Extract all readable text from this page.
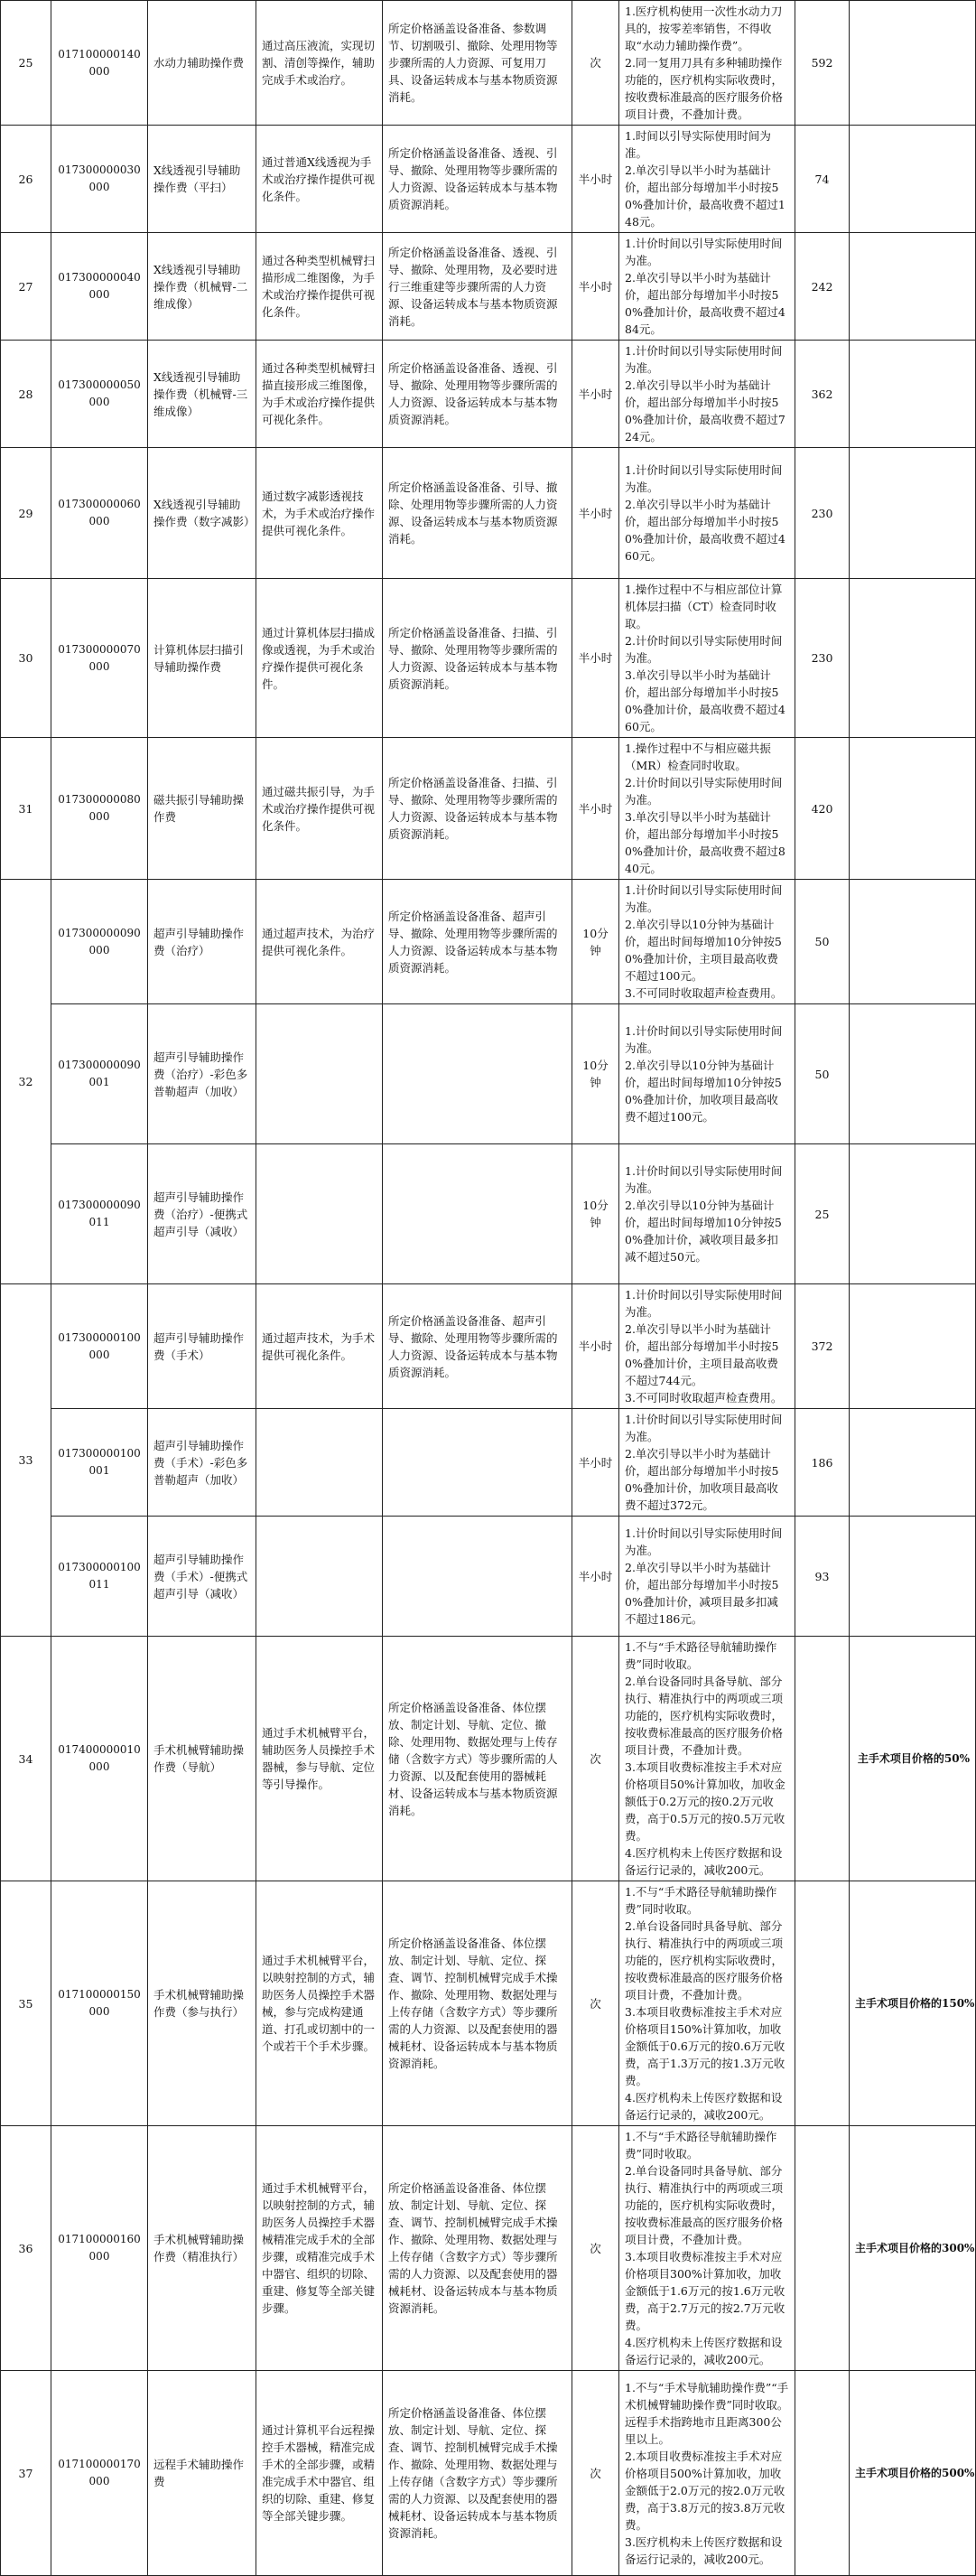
25	017100000140000	水动力辅助操作费	通过高压液流，实现切割、清创等操作，辅助完成手术或治疗。	所定价格涵盖设备准备、参数调节、切割吸引、撤除、处理用物等步骤所需的人力资源、可复用刀具、设备运转成本与基本物质资源消耗。	次	1.医疗机构使用一次性水动力刀具的，按零差率销售，不得收取“水动力辅助操作费”。
2.同一复用刀具有多种辅助操作功能的，医疗机构实际收费时，按收费标准最高的医疗服务价格项目计费，不叠加计费。	592	
26	017300000030000	X线透视引导辅助操作费（平扫）	通过普通X线透视为手术或治疗操作提供可视化条件。	所定价格涵盖设备准备、透视、引导、撤除、处理用物等步骤所需的人力资源、设备运转成本与基本物质资源消耗。	半小时	1.时间以引导实际使用时间为准。
2.单次引导以半小时为基础计价，超出部分每增加半小时按50%叠加计价，最高收费不超过148元。	74	
27	017300000040000	X线透视引导辅助操作费（机械臂-二维成像）	通过各种类型机械臂扫描形成二维图像，为手术或治疗操作提供可视化条件。	所定价格涵盖设备准备、透视、引导、撤除、处理用物，及必要时进行三维重建等步骤所需的人力资源、设备运转成本与基本物质资源消耗。	半小时	1.计价时间以引导实际使用时间为准。
2.单次引导以半小时为基础计价，超出部分每增加半小时按50%叠加计价，最高收费不超过484元。	242	
28	017300000050000	X线透视引导辅助操作费（机械臂-三维成像）	通过各种类型机械臂扫描直接形成三维图像，为手术或治疗操作提供可视化条件。	所定价格涵盖设备准备、透视、引导、撤除、处理用物等步骤所需的人力资源、设备运转成本与基本物质资源消耗。	半小时	1.计价时间以引导实际使用时间为准。
2.单次引导以半小时为基础计价，超出部分每增加半小时按50%叠加计价，最高收费不超过724元。	362	
29	017300000060000	X线透视引导辅助操作费（数字减影）	通过数字减影透视技术，为手术或治疗操作提供可视化条件。	所定价格涵盖设备准备、引导、撤除、处理用物等步骤所需的人力资源、设备运转成本与基本物质资源消耗。	半小时	1.计价时间以引导实际使用时间为准。
2.单次引导以半小时为基础计价，超出部分每增加半小时按50%叠加计价，最高收费不超过460元。	230	
30	017300000070000	计算机体层扫描引导辅助操作费	通过计算机体层扫描成像或透视，为手术或治疗操作提供可视化条件。	所定价格涵盖设备准备、扫描、引导、撤除、处理用物等步骤所需的人力资源、设备运转成本与基本物质资源消耗。	半小时	1.操作过程中不与相应部位计算机体层扫描（CT）检查同时收取。
2.计价时间以引导实际使用时间为准。
3.单次引导以半小时为基础计价，超出部分每增加半小时按50%叠加计价，最高收费不超过460元。	230	
31	017300000080000	磁共振引导辅助操作费	通过磁共振引导，为手术或治疗操作提供可视化条件。	所定价格涵盖设备准备、扫描、引导、撤除、处理用物等步骤所需的人力资源、设备运转成本与基本物质资源消耗。	半小时	1.操作过程中不与相应磁共振（MR）检查同时收取。
2.计价时间以引导实际使用时间为准。
3.单次引导以半小时为基础计价，超出部分每增加半小时按50%叠加计价，最高收费不超过840元。	420	
32	017300000090000	超声引导辅助操作费（治疗）	通过超声技术，为治疗提供可视化条件。	所定价格涵盖设备准备、超声引导、撤除、处理用物等步骤所需的人力资源、设备运转成本与基本物质资源消耗。	10分钟	1.计价时间以引导实际使用时间为准。
2.单次引导以10分钟为基础计价，超出时间每增加10分钟按50%叠加计价，主项目最高收费不超过100元。
3.不可同时收取超声检查费用。	50	
	017300000090001	超声引导辅助操作费（治疗）-彩色多普勒超声（加收）			10分钟	1.计价时间以引导实际使用时间为准。
2.单次引导以10分钟为基础计价，超出时间每增加10分钟按50%叠加计价，加收项目最高收费不超过100元。	50	
	017300000090011	超声引导辅助操作费（治疗）-便携式超声引导（减收）			10分钟	1.计价时间以引导实际使用时间为准。
2.单次引导以10分钟为基础计价，超出时间每增加10分钟按50%叠加计价，减收项目最多扣减不超过50元。	25	
33	017300000100000	超声引导辅助操作费（手术）	通过超声技术，为手术提供可视化条件。	所定价格涵盖设备准备、超声引导、撤除、处理用物等步骤所需的人力资源、设备运转成本与基本物质资源消耗。	半小时	1.计价时间以引导实际使用时间为准。
2.单次引导以半小时为基础计价，超出部分每增加半小时按50%叠加计价，主项目最高收费不超过744元。
3.不可同时收取超声检查费用。	372	
	017300000100001	超声引导辅助操作费（手术）-彩色多普勒超声（加收）			半小时	1.计价时间以引导实际使用时间为准。
2.单次引导以半小时为基础计价，超出部分每增加半小时按50%叠加计价，加收项目最高收费不超过372元。	186	
	017300000100011	超声引导辅助操作费（手术）-便携式超声引导（减收）			半小时	1.计价时间以引导实际使用时间为准。
2.单次引导以半小时为基础计价，超出部分每增加半小时按50%叠加计价，减项目最多扣减不超过186元。	93	
34	017400000010000	手术机械臂辅助操作费（导航）	通过手术机械臂平台，辅助医务人员操控手术器械，参与导航、定位等引导操作。	所定价格涵盖设备准备、体位摆放、制定计划、导航、定位、撤除、处理用物、数据处理与上传存储（含数字方式）等步骤所需的人力资源、以及配套使用的器械耗材、设备运转成本与基本物质资源消耗。	次	1.不与“手术路径导航辅助操作费”同时收取。
2.单台设备同时具备导航、部分执行、精准执行中的两项或三项功能的，医疗机构实际收费时，按收费标准最高的医疗服务价格项目计费，不叠加计费。
3.本项目收费标准按主手术对应价格项目50%计算加收，加收金额低于0.2万元的按0.2万元收费，高于0.5万元的按0.5万元收费。
4.医疗机构未上传医疗数据和设备运行记录的，减收200元。		主手术项目价格的50%
35	017100000150000	手术机械臂辅助操作费（参与执行）	通过手术机械臂平台，以映射控制的方式，辅助医务人员操控手术器械，参与完成构建通道、打孔或切割中的一个或若干个手术步骤。	所定价格涵盖设备准备、体位摆放、制定计划、导航、定位、探查、调节、控制机械臂完成手术操作、撤除、处理用物、数据处理与上传存储（含数字方式）等步骤所需的人力资源、以及配套使用的器械耗材、设备运转成本与基本物质资源消耗。	次	1.不与“手术路径导航辅助操作费”同时收取。
2.单台设备同时具备导航、部分执行、精准执行中的两项或三项功能的，医疗机构实际收费时，按收费标准最高的医疗服务价格项目计费，不叠加计费。
3.本项目收费标准按主手术对应价格项目150%计算加收，加收金额低于0.6万元的按0.6万元收费，高于1.3万元的按1.3万元收费。
4.医疗机构未上传医疗数据和设备运行记录的，减收200元。		主手术项目价格的150%
36	017100000160000	手术机械臂辅助操作费（精准执行）	通过手术机械臂平台，以映射控制的方式，辅助医务人员操控手术器械精准完成手术的全部步骤，或精准完成手术中器官、组织的切除、重建、修复等全部关键步骤。	所定价格涵盖设备准备、体位摆放、制定计划、导航、定位、探查、调节、控制机械臂完成手术操作、撤除、处理用物、数据处理与上传存储（含数字方式）等步骤所需的人力资源、以及配套使用的器械耗材、设备运转成本与基本物质资源消耗。	次	1.不与“手术路径导航辅助操作费”同时收取。
2.单台设备同时具备导航、部分执行、精准执行中的两项或三项功能的，医疗机构实际收费时，按收费标准最高的医疗服务价格项目计费，不叠加计费。
3.本项目收费标准按主手术对应价格项目300%计算加收，加收金额低于1.6万元的按1.6万元收费，高于2.7万元的按2.7万元收费。
4.医疗机构未上传医疗数据和设备运行记录的，减收200元。		主手术项目价格的300%
37	017100000170000	远程手术辅助操作费	通过计算机平台远程操控手术器械，精准完成手术的全部步骤，或精准完成手术中器官、组织的切除、重建、修复等全部关键步骤。	所定价格涵盖设备准备、体位摆放、制定计划、导航、定位、探查、调节、控制机械臂完成手术操作、撤除、处理用物、数据处理与上传存储（含数字方式）等步骤所需的人力资源、以及配套使用的器械耗材、设备运转成本与基本物质资源消耗。	次	1.不与“手术导航辅助操作费”“手术机械臂辅助操作费”同时收取。远程手术指跨地市且距离300公里以上。
2.本项目收费标准按主手术对应价格项目500%计算加收，加收金额低于2.0万元的按2.0万元收费，高于3.8万元的按3.8万元收费。
3.医疗机构未上传医疗数据和设备运行记录的，减收200元。		主手术项目价格的500%
